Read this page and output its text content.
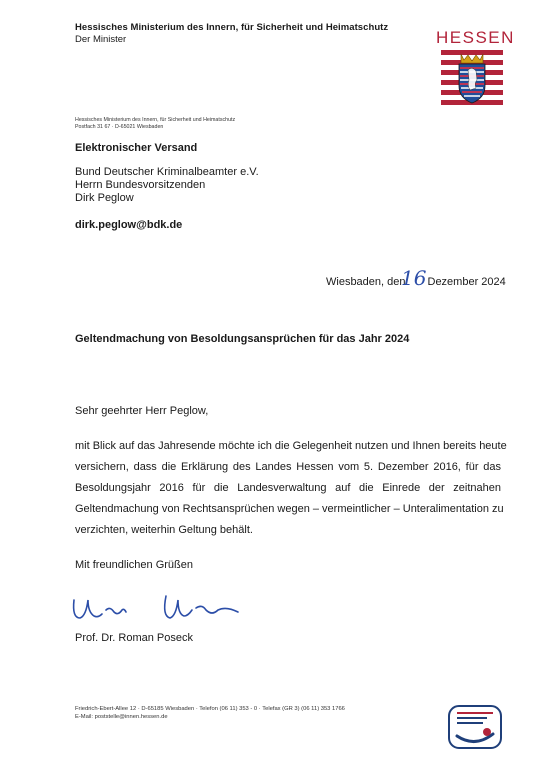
Hessisches Ministerium des Innern, für Sicherheit und Heimatschutz
Der Minister	HESSEN
Hessisches Ministerium des Innern, für Sicherheit und Heimatschutz
Postfach 31 67 · D-65021 Wiesbaden
Elektronischer Versand
Bund Deutscher Kriminalbeamter e.V.
Herrn Bundesvorsitzenden
Dirk Peglow
dirk.peglow@bdk.de
Wiesbaden, den Dezember 2024
16
Geltendmachung von Besoldungsansprüchen für das Jahr 2024
Sehr geehrter Herr Peglow,
mit Blick auf das Jahresende möchte ich die Gelegenheit nutzen und Ihnen bereits heute
versichern, dass die Erklärung des Landes Hessen vom 5. Dezember 2016, für das
Besoldungsjahr 2016 für die Landesverwaltung auf die Einrede der zeitnahen
Geltendmachung von Rechtsansprüchen wegen – vermeintlicher – Unteralimentation zu
verzichten, weiterhin Geltung behält.
Mit freundlichen Grüßen
Prof. Dr. Roman Poseck
Friedrich-Ebert-Allee 12 · D-65185 Wiesbaden · Telefon (06 11) 353 - 0 · Telefax (GR 3) (06 11) 353 1766
E-Mail: poststelle@innen.hessen.de
